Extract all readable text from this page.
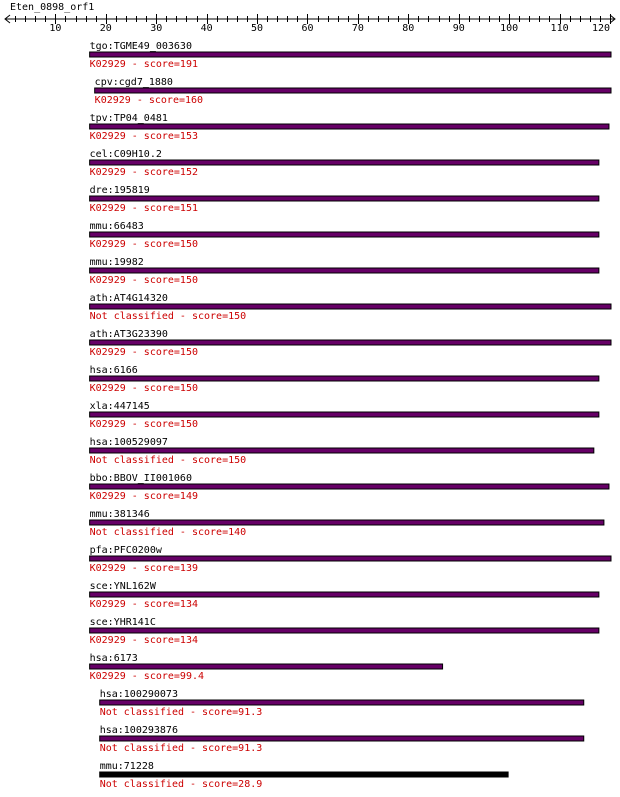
Eten_0898_orf1
10	20	30	40	50	60	70	80	90	100	110 120
tgo:TGME49_003630
K02929 - score=191
cpv:cgd7_1880
K02929 - score=160
tpv:TP04_0481
K02929 - score=153
cel:C09H10.2
K02929 - score=152
dre:195819
K02929 - score=151
mmu:66483
K02929 - score=150
mmu:19982
K02929 - score=150
ath:AT4G14320
Not classified - score=150
ath:AT3G23390
K02929 - score=150
hsa:6166
K02929 - score=150
xla:447145
K02929 - score=150
hsa:100529097
Not classified - score=150
bbo:BBOV_II001060
K02929 - score=149
mmu:381346
Not classified - score=140
pfa:PFC0200w
K02929 - score=139
sce:YNL162W
K02929 - score=134
sce:YHR141C
K02929 - score=134
hsa:6173
K02929 - score=99.4
hsa:100290073
Not classified - score=91.3
hsa:100293876
Not classified - score=91.3
mmu:71228
Not classified - score=28.9
